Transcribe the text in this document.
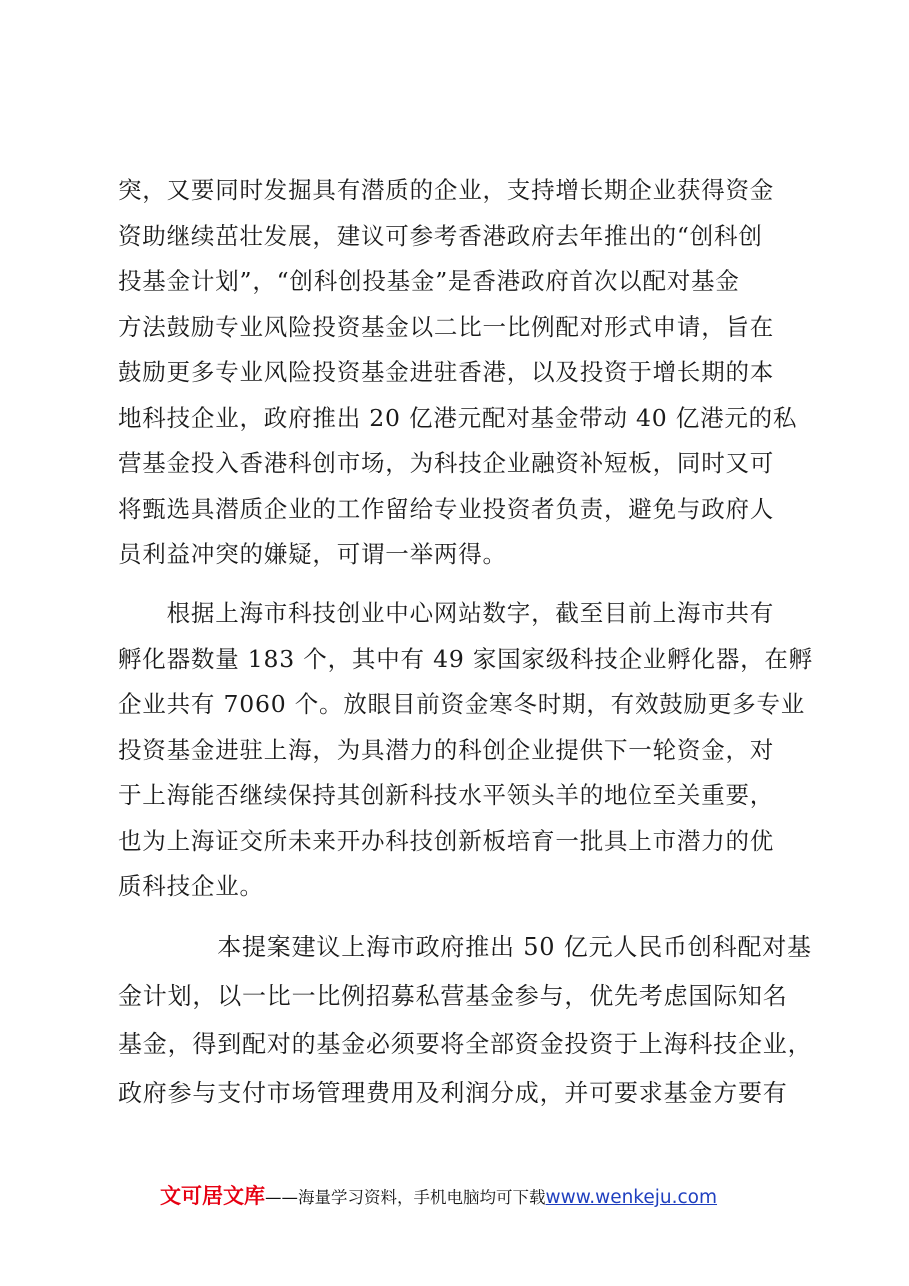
突，又要同时发掘具有潜质的企业，支持增长期企业获得资金
资助继续茁壮发展，建议可参考香港政府去年推出的“创科创
投基金计划”，“创科创投基金”是香港政府首次以配对基金
方法鼓励专业风险投资基金以二比一比例配对形式申请，旨在
鼓励更多专业风险投资基金进驻香港，以及投资于增长期的本
地科技企业，政府推出 20 亿港元配对基金带动 40 亿港元的私
营基金投入香港科创市场，为科技企业融资补短板，同时又可
将甄选具潜质企业的工作留给专业投资者负责，避免与政府人
员利益冲突的嫌疑，可谓一举两得。
　　根据上海市科技创业中心网站数字，截至目前上海市共有
孵化器数量 183 个，其中有 49 家国家级科技企业孵化器，在孵
企业共有 7060 个。放眼目前资金寒冬时期，有效鼓励更多专业
投资基金进驻上海，为具潜力的科创企业提供下一轮资金，对
于上海能否继续保持其创新科技水平领头羊的地位至关重要，
也为上海证交所未来开办科技创新板培育一批具上市潜力的优
质科技企业。
　　　　本提案建议上海市政府推出 50 亿元人民币创科配对基
金计划，以一比一比例招募私营基金参与，优先考虑国际知名
基金，得到配对的基金必须要将全部资金投资于上海科技企业，
政府参与支付市场管理费用及利润分成，并可要求基金方要有
文可居文库——海量学习资料，手机电脑均可下载www.wenkeju.com
